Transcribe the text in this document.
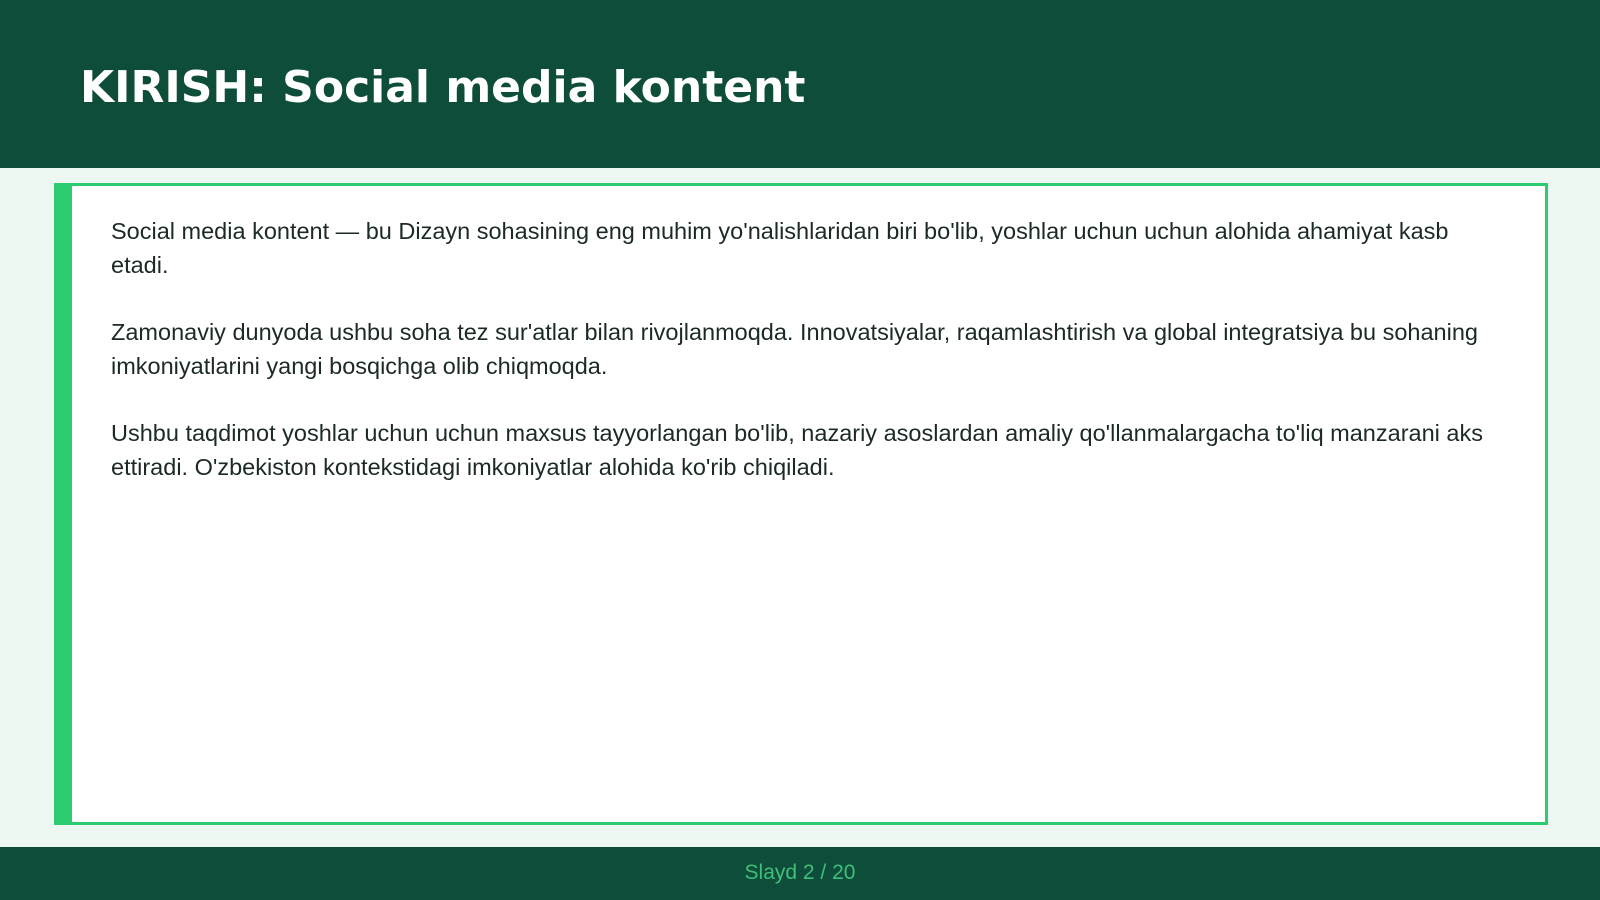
KIRISH: Social media kontent

Social media kontent — bu Dizayn sohasining eng muhim yo'nalishlaridan biri bo'lib, yoshlar uchun uchun alohida ahamiyat kasb etadi.

Zamonaviy dunyoda ushbu soha tez sur'atlar bilan rivojlanmoqda. Innovatsiyalar, raqamlashtirish va global integratsiya bu sohaning imkoniyatlarini yangi bosqichga olib chiqmoqda.

Ushbu taqdimot yoshlar uchun uchun maxsus tayyorlangan bo'lib, nazariy asoslardan amaliy qo'llanmalargacha to'liq manzarani aks ettiradi. O'zbekiston kontekstidagi imkoniyatlar alohida ko'rib chiqiladi.

Slayd 2 / 20
